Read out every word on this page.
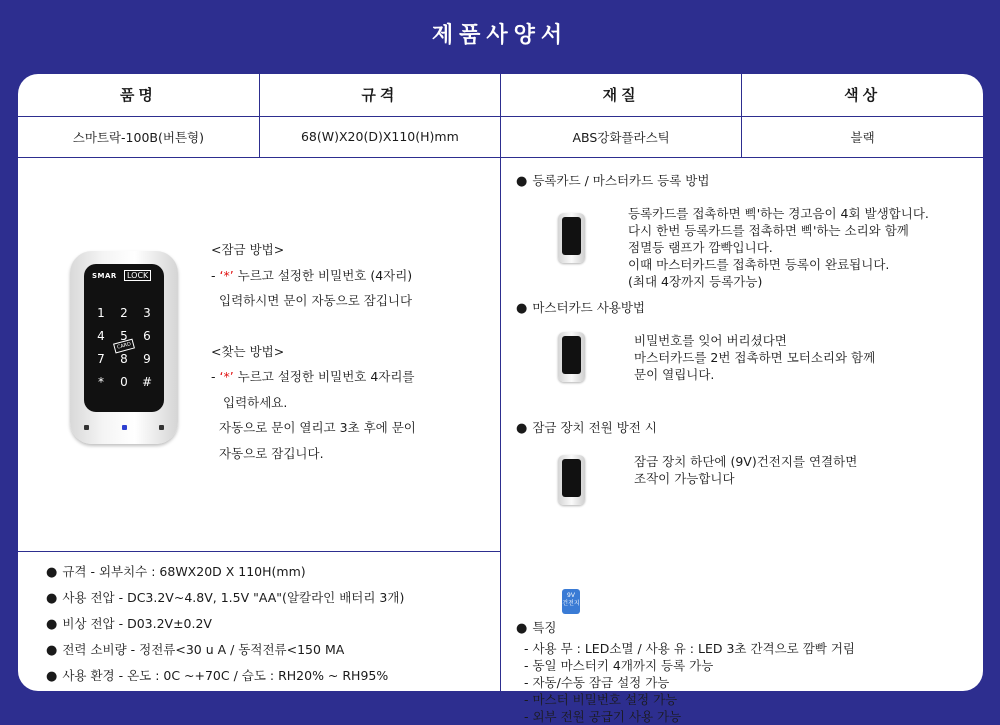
제품사양서
품명	규격	재질	색상
스마트락-100B(버튼형)	68(W)X20(D)X110(H)mm	ABS강화플라스틱	블랙
SMAR	LOCK
1	2	3
4	5	6
7	8	9
*	0	#
CARD
<잠금 방법>
- ‘*’ 누르고 설정한 비밀번호 (4자리)
입력하시면 문이 자동으로 잠깁니다
<찾는 방법>
- ‘*’ 누르고 설정한 비밀번호 4자리를
입력하세요.
자동으로 문이 열리고 3초 후에 문이
자동으로 잠깁니다.
● 규격 - 외부치수 : 68WX20D X 110H(mm)
● 사용 전압 - DC3.2V~4.8V, 1.5V "AA"(알칼라인 배터리 3개)
● 비상 전압 - D03.2V±0.2V
● 전력 소비량 - 정전류<30 u A / 동적전류<150 MA
● 사용 환경 - 온도 : 0C ~+70C / 습도 : RH20% ~ RH95%
● 등록카드 / 마스터카드 등록 방법
등록카드를 접촉하면 삑'하는 경고음이 4회 발생합니다.
다시 한번 등록카드를 접촉하면 삑'하는 소리와 함께
점멸등 램프가 깜빡입니다.
이때 마스터카드를 접촉하면 등록이 완료됩니다.
(최대 4장까지 등록가능)
● 마스터카드 사용방법
비밀번호를 잊어 버리셨다면
마스터카드를 2번 접촉하면 모터소리와 함께
문이 열립니다.
● 잠금 장치 전원 방전 시
9V
건전지
잠금 장치 하단에 (9V)건전지를 연결하면
조작이 가능합니다
● 특징
- 사용 무 : LED소멸 / 사용 유 : LED 3초 간격으로 깜빡 거림
- 동일 마스터키 4개까지 등록 가능
- 자동/수동 잠금 설정 가능
- 마스터 비밀번호 설정 가능
- 외부 전원 공급기 사용 가능
